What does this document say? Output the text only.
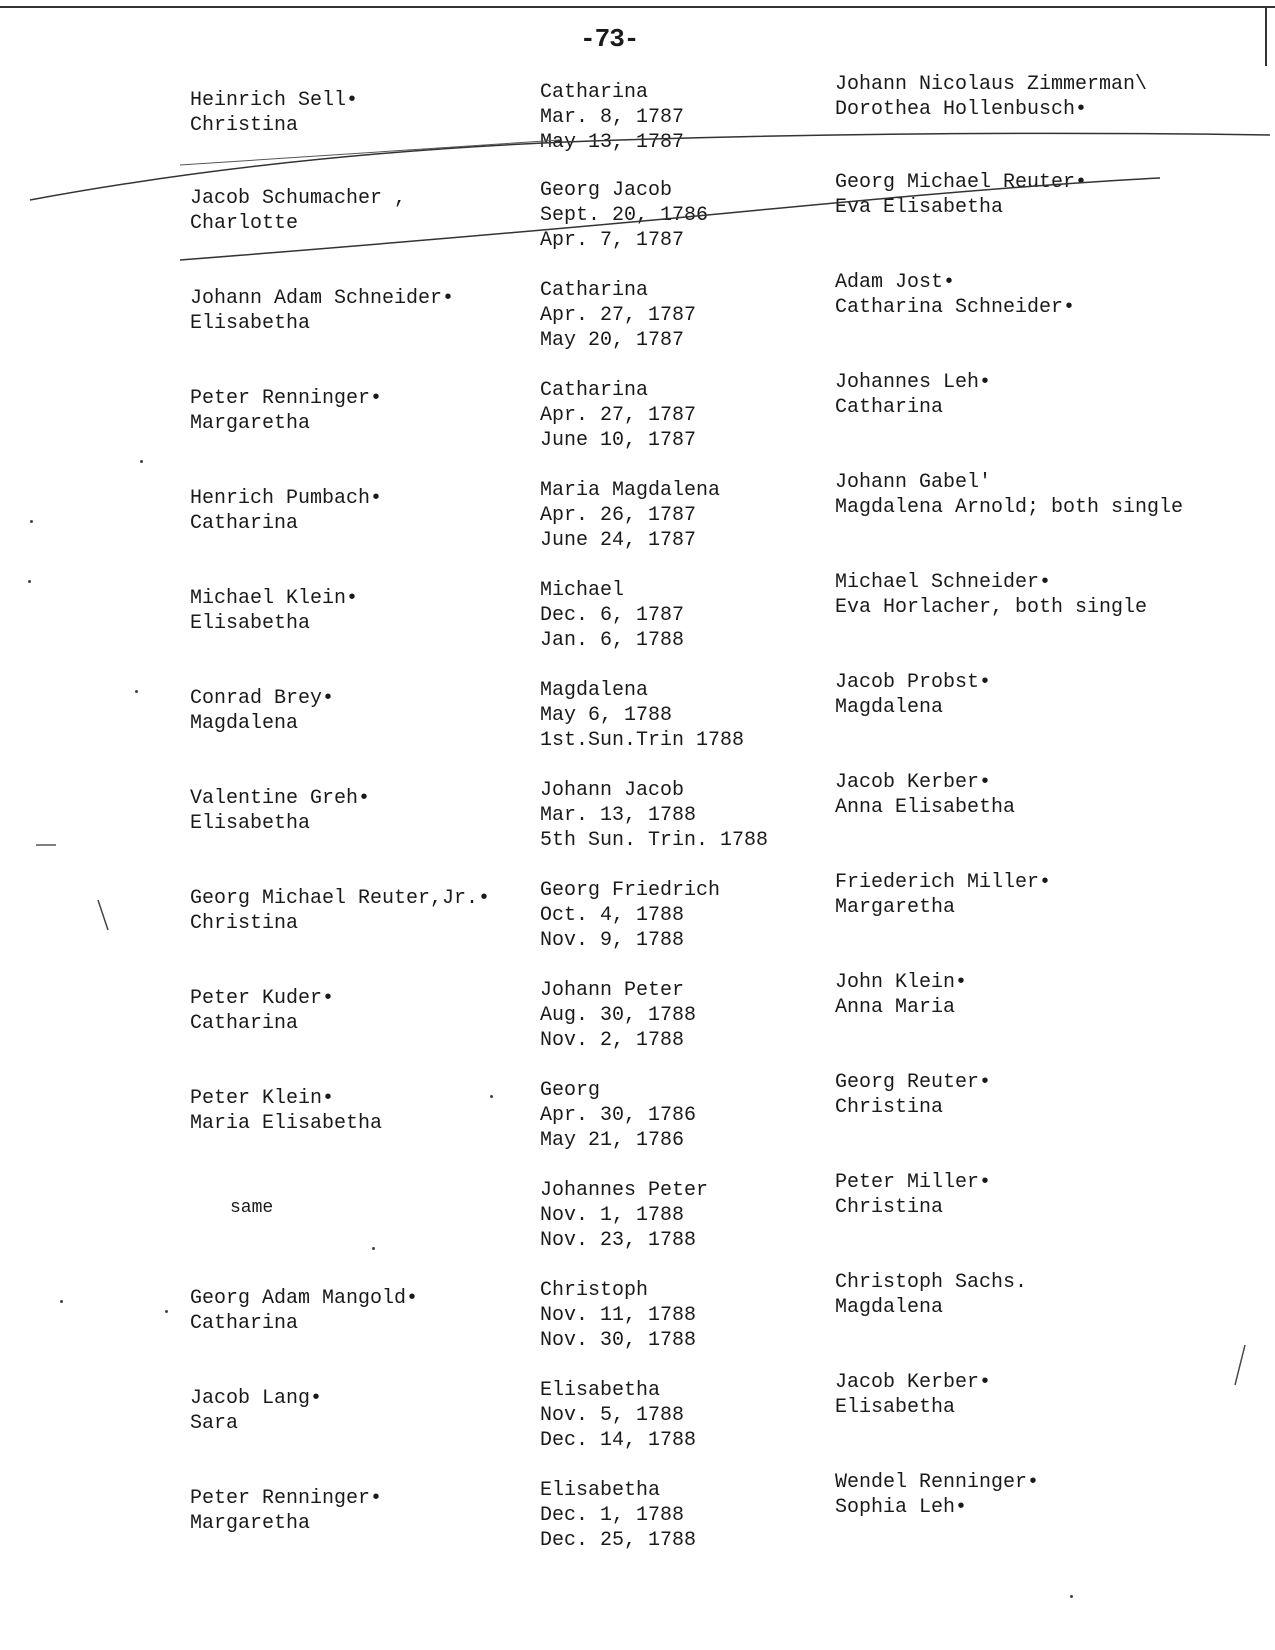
-73-
Heinrich Sell•
Christina
Catharina
Mar. 8, 1787
May 13, 1787
Johann Nicolaus Zimmerman\
Dorothea Hollenbusch•
Jacob Schumacher ,
Charlotte
Georg Jacob
Sept. 20, 1786
Apr. 7, 1787
Georg Michael Reuter•
Eva Elisabetha
Johann Adam Schneider•
Elisabetha
Catharina
Apr. 27, 1787
May 20, 1787
Adam Jost•
Catharina Schneider•
Peter Renninger•
Margaretha
Catharina
Apr. 27, 1787
June 10, 1787
Johannes Leh•
Catharina
Henrich Pumbach•
Catharina
Maria Magdalena
Apr. 26, 1787
June 24, 1787
Johann Gabel'
Magdalena Arnold; both single
Michael Klein•
Elisabetha
Michael
Dec. 6, 1787
Jan. 6, 1788
Michael Schneider•
Eva Horlacher, both single
Conrad Brey•
Magdalena
Magdalena
May 6, 1788
1st.Sun.Trin 1788
Jacob Probst•
Magdalena
Valentine Greh•
Elisabetha
Johann Jacob
Mar. 13, 1788
5th Sun. Trin. 1788
Jacob Kerber•
Anna Elisabetha
Georg Michael Reuter,Jr.•
Christina
Georg Friedrich
Oct. 4, 1788
Nov. 9, 1788
Friederich Miller•
Margaretha
Peter Kuder•
Catharina
Johann Peter
Aug. 30, 1788
Nov. 2, 1788
John Klein•
Anna Maria
Peter Klein•
Maria Elisabetha
Georg
Apr. 30, 1786
May 21, 1786
Georg Reuter•
Christina
same
Johannes Peter
Nov. 1, 1788
Nov. 23, 1788
Peter Miller•
Christina
Georg Adam Mangold•
Catharina
Christoph
Nov. 11, 1788
Nov. 30, 1788
Christoph Sachs.
Magdalena
Jacob Lang•
Sara
Elisabetha
Nov. 5, 1788
Dec. 14, 1788
Jacob Kerber•
Elisabetha
Peter Renninger•
Margaretha
Elisabetha
Dec. 1, 1788
Dec. 25, 1788
Wendel Renninger•
Sophia Leh•
